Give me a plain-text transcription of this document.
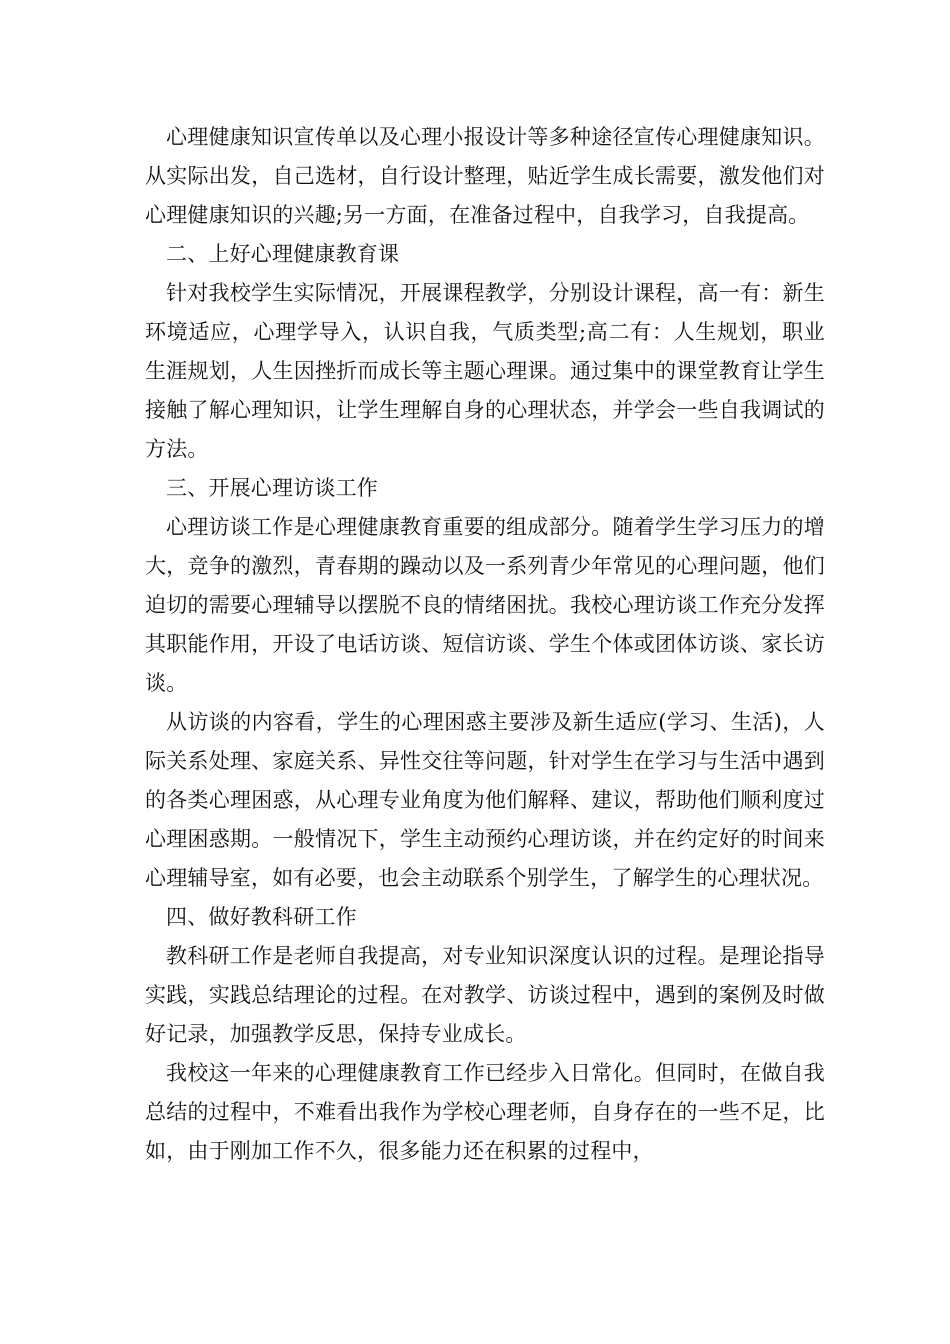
心理健康知识宣传单以及心理小报设计等多种途径宣传心理健康知识。从实际出发，自己选材，自行设计整理，贴近学生成长需要，激发他们对心理健康知识的兴趣;另一方面，在准备过程中，自我学习，自我提高。

二、上好心理健康教育课

针对我校学生实际情况，开展课程教学，分别设计课程，高一有：新生环境适应，心理学导入，认识自我，气质类型;高二有：人生规划，职业生涯规划，人生因挫折而成长等主题心理课。通过集中的课堂教育让学生接触了解心理知识，让学生理解自身的心理状态，并学会一些自我调试的方法。

三、开展心理访谈工作

心理访谈工作是心理健康教育重要的组成部分。随着学生学习压力的增大，竞争的激烈，青春期的躁动以及一系列青少年常见的心理问题，他们迫切的需要心理辅导以摆脱不良的情绪困扰。我校心理访谈工作充分发挥其职能作用，开设了电话访谈、短信访谈、学生个体或团体访谈、家长访谈。

从访谈的内容看，学生的心理困惑主要涉及新生适应(学习、生活)，人际关系处理、家庭关系、异性交往等问题，针对学生在学习与生活中遇到的各类心理困惑，从心理专业角度为他们解释、建议，帮助他们顺利度过心理困惑期。一般情况下，学生主动预约心理访谈，并在约定好的时间来心理辅导室，如有必要，也会主动联系个别学生，了解学生的心理状况。

四、做好教科研工作

教科研工作是老师自我提高，对专业知识深度认识的过程。是理论指导实践，实践总结理论的过程。在对教学、访谈过程中，遇到的案例及时做好记录，加强教学反思，保持专业成长。

我校这一年来的心理健康教育工作已经步入日常化。但同时，在做自我总结的过程中，不难看出我作为学校心理老师，自身存在的一些不足，比如，由于刚加工作不久，很多能力还在积累的过程中，
